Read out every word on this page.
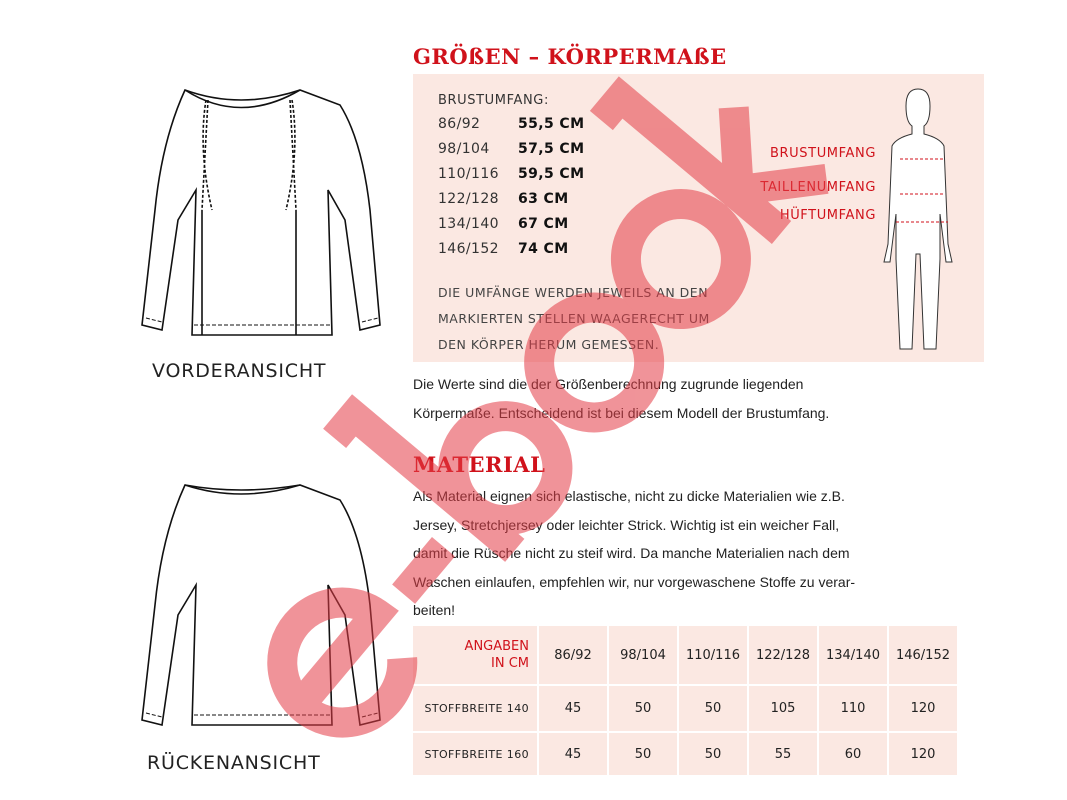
VORDERANSICHT
RÜCKENANSICHT
GRÖßEN – KÖRPERMAßE
BRUSTUMFANG:
86/92	55,5 CM
98/104 57,5 CM
110/116 59,5 CM
122/128 63 CM
134/140 67 CM
146/152 74 CM
DIE UMFÄNGE WERDEN JEWEILS AN DEN
MARKIERTEN STELLEN WAAGERECHT UM
DEN KÖRPER HERUM GEMESSEN.
BRUSTUMFANG
TAILLENUMFANG
HÜFTUMFANG
Die Werte sind die der Größenberechnung zugrunde liegenden
Körpermaße. Entscheidend ist bei diesem Modell der Brustumfang.
MATERIAL
Als Material eignen sich elastische, nicht zu dicke Materialien wie z.B.
Jersey, Stretchjersey oder leichter Strick. Wichtig ist ein weicher Fall,
damit die Rüsche nicht zu steif wird. Da manche Materialien nach dem
Waschen einlaufen, empfehlen wir, nur vorgewaschene Stoffe zu verar-
beiten!
ANGABEN
IN CM	86/92	98/104	110/116	122/128	134/140	146/152
STOFFBREITE 140	45	50	50	105	110	120
STOFFBREITE 160	45	50	50	55	60	120
